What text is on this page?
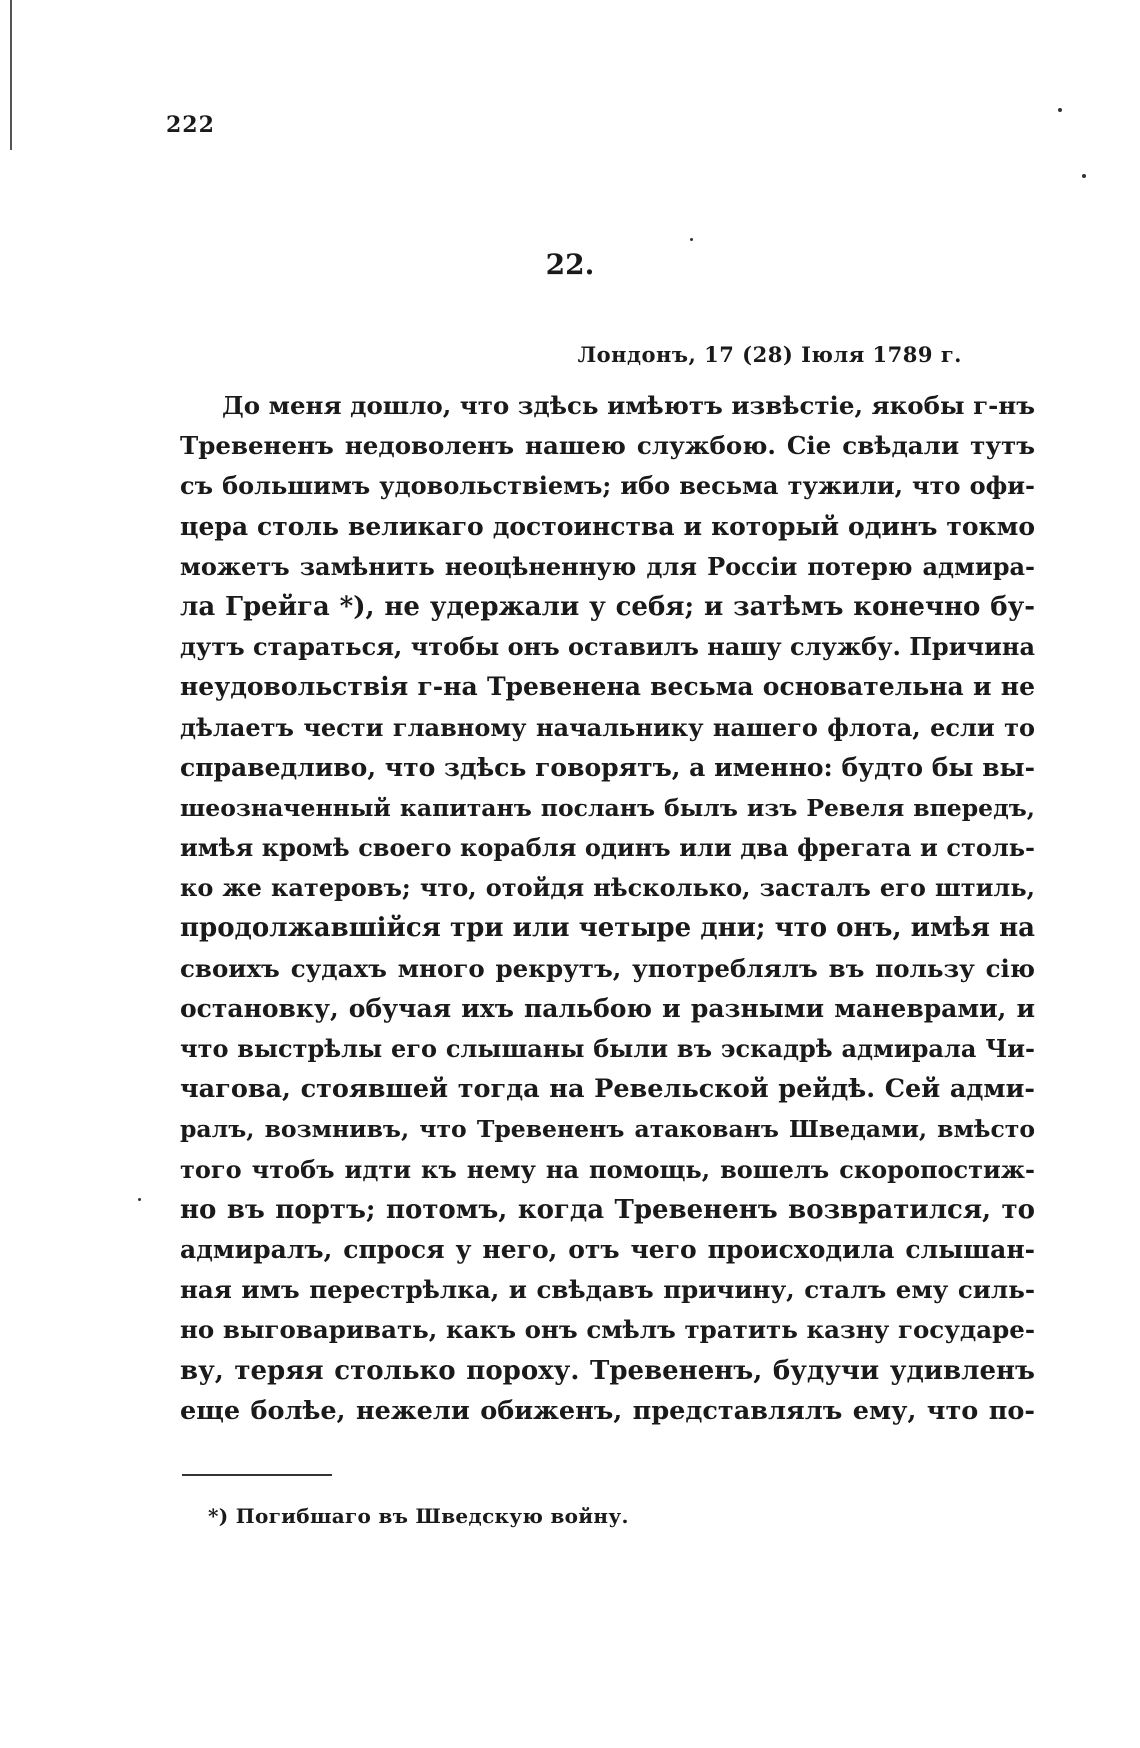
222
22.
Лондонъ, 17 (28) Іюля 1789 г.
До меня дошло, что здѣсь имѣютъ извѣстіе, якобы г-нъ
Тревененъ недоволенъ нашею службою. Сіе свѣдали тутъ
съ большимъ удовольствіемъ; ибо весьма тужили, что офи-
цера столь великаго достоинства и который одинъ токмо
можетъ замѣнить неоцѣненную для Россіи потерю адмира-
ла Грейга *), не удержали у себя; и затѣмъ конечно бу-
дутъ стараться, чтобы онъ оставилъ нашу службу. Причина
неудовольствія г-на Тревенена весьма основательна и не
дѣлаетъ чести главному начальнику нашего флота, если то
справедливо, что здѣсь говорятъ, а именно: будто бы вы-
шеозначенный капитанъ посланъ былъ изъ Ревеля впередъ,
имѣя кромѣ своего корабля одинъ или два фрегата и столь-
ко же катеровъ; что, отойдя нѣсколько, засталъ его штиль,
продолжавшійся три или четыре дни; что онъ, имѣя на
своихъ судахъ много рекрутъ, употреблялъ въ пользу сію
остановку, обучая ихъ пальбою и разными маневрами, и
что выстрѣлы его слышаны были въ эскадрѣ адмирала Чи-
чагова, стоявшей тогда на Ревельской рейдѣ. Сей адми-
ралъ, возмнивъ, что Тревененъ атакованъ Шведами, вмѣсто
того чтобъ идти къ нему на помощь, вошелъ скоропостиж-
но въ портъ; потомъ, когда Тревененъ возвратился, то
адмиралъ, спрося у него, отъ чего происходила слышан-
ная имъ перестрѣлка, и свѣдавъ причину, сталъ ему силь-
но выговаривать, какъ онъ смѣлъ тратить казну государе-
ву, теряя столько пороху. Тревененъ, будучи удивленъ
еще болѣе, нежели обиженъ, представлялъ ему, что по-
*) Погибшаго въ Шведскую войну.
